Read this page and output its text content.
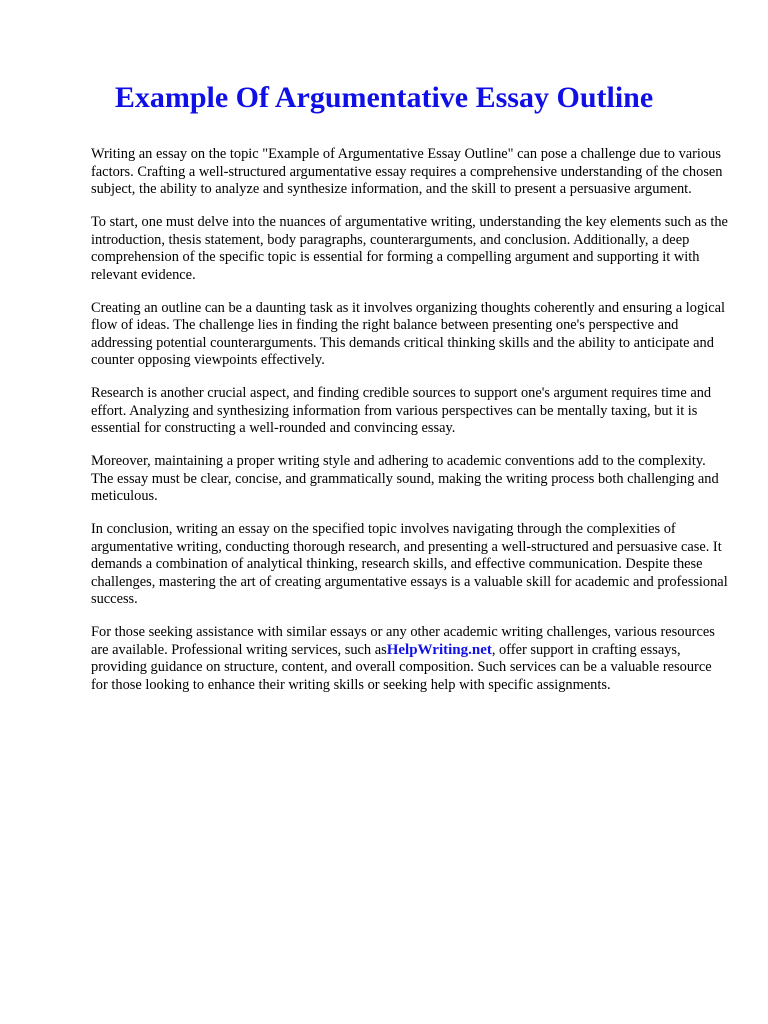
Example Of Argumentative Essay Outline

Writing an essay on the topic "Example of Argumentative Essay Outline" can pose a challenge due to various factors. Crafting a well-structured argumentative essay requires a comprehensive understanding of the chosen subject, the ability to analyze and synthesize information, and the skill to present a persuasive argument.

To start, one must delve into the nuances of argumentative writing, understanding the key elements such as the introduction, thesis statement, body paragraphs, counterarguments, and conclusion. Additionally, a deep comprehension of the specific topic is essential for forming a compelling argument and supporting it with relevant evidence.

Creating an outline can be a daunting task as it involves organizing thoughts coherently and ensuring a logical flow of ideas. The challenge lies in finding the right balance between presenting one's perspective and addressing potential counterarguments. This demands critical thinking skills and the ability to anticipate and counter opposing viewpoints effectively.

Research is another crucial aspect, and finding credible sources to support one's argument requires time and effort. Analyzing and synthesizing information from various perspectives can be mentally taxing, but it is essential for constructing a well-rounded and convincing essay.

Moreover, maintaining a proper writing style and adhering to academic conventions add to the complexity. The essay must be clear, concise, and grammatically sound, making the writing process both challenging and meticulous.

In conclusion, writing an essay on the specified topic involves navigating through the complexities of argumentative writing, conducting thorough research, and presenting a well-structured and persuasive case. It demands a combination of analytical thinking, research skills, and effective communication. Despite these challenges, mastering the art of creating argumentative essays is a valuable skill for academic and professional success.

For those seeking assistance with similar essays or any other academic writing challenges, various resources are available. Professional writing services, such asHelpWriting.net, offer support in crafting essays, providing guidance on structure, content, and overall composition. Such services can be a valuable resource for those looking to enhance their writing skills or seeking help with specific assignments.
